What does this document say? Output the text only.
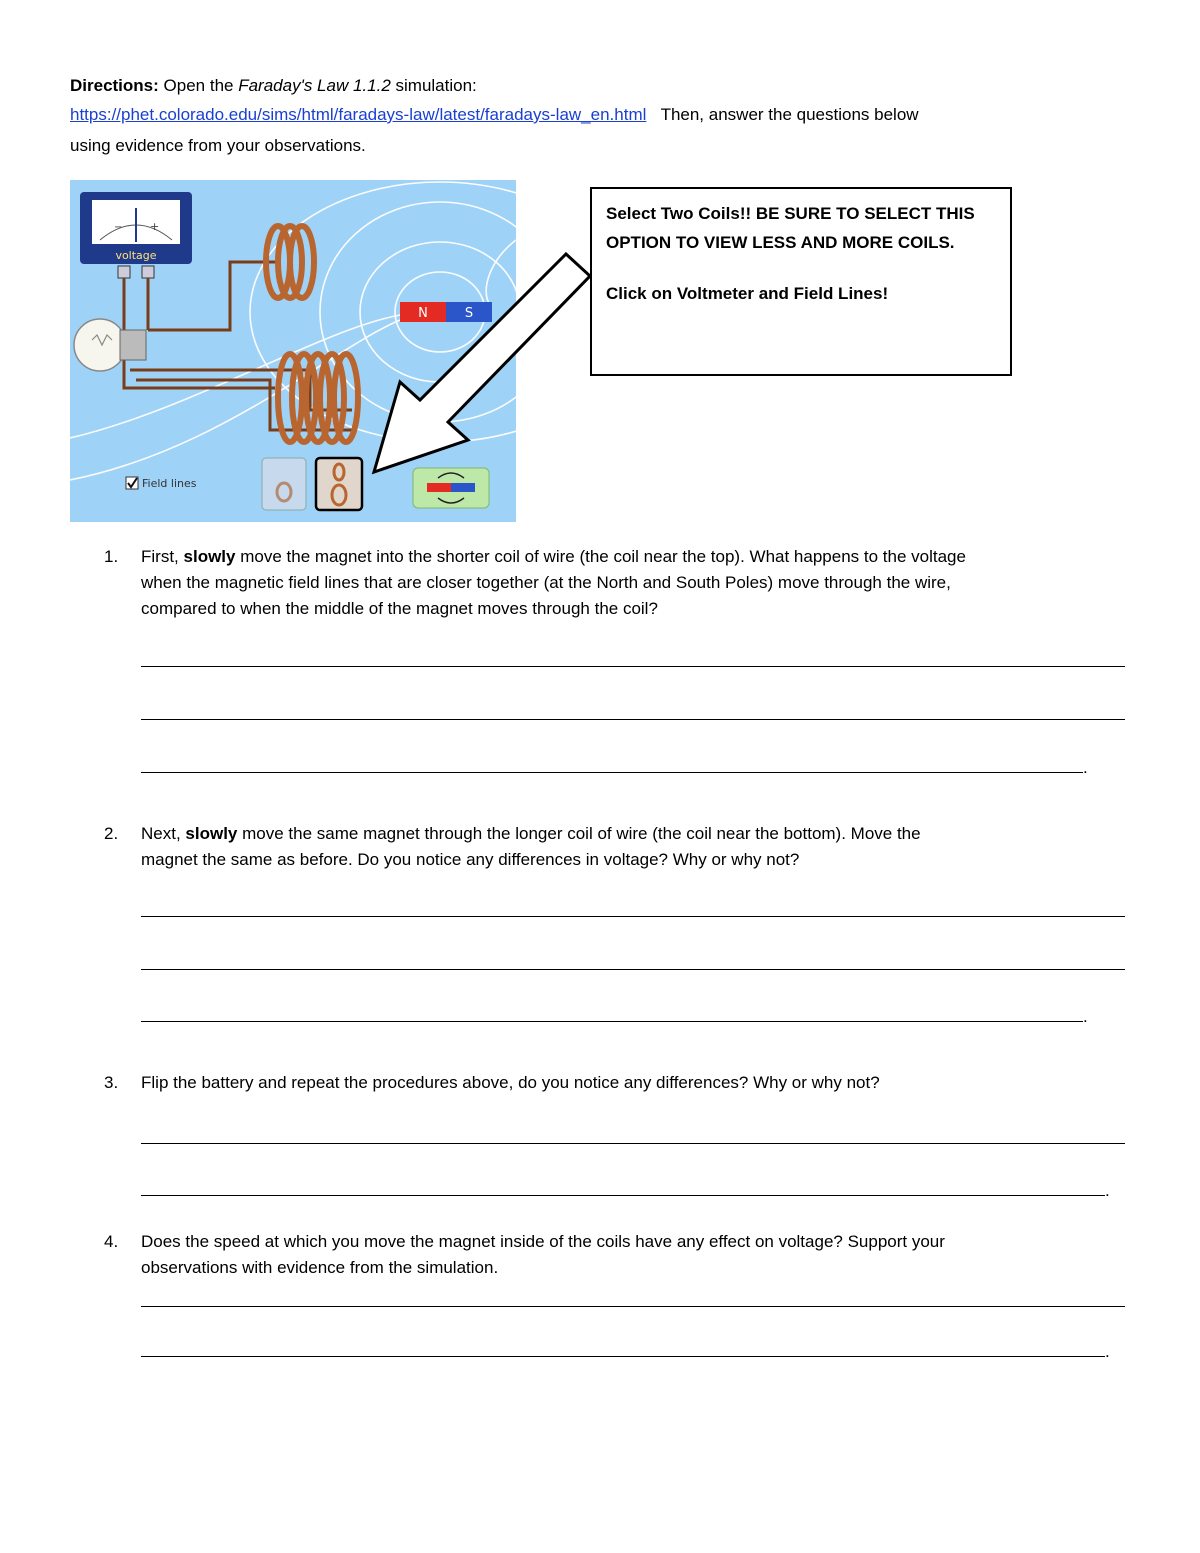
Directions: Open the Faraday's Law 1.1.2 simulation:
https://phet.colorado.edu/sims/html/faradays-law/latest/faradays-law_en.html Then, answer the questions below
using evidence from your observations.
−	+
voltage
N	S
Field lines

Select Two Coils!! BE SURE TO SELECT THIS

OPTION TO VIEW LESS AND MORE COILS.

Click on Voltmeter and Field Lines!

1. First, slowly move the magnet into the shorter coil of wire (the coil near the top). What happens to the voltage
when the magnetic field lines that are closer together (at the North and South Poles) move through the wire,
compared to when the middle of the magnet moves through the coil?
.
2. Next, slowly move the same magnet through the longer coil of wire (the coil near the bottom). Move the
magnet the same as before. Do you notice any differences in voltage? Why or why not?
.
3. Flip the battery and repeat the procedures above, do you notice any differences? Why or why not?
.
4. Does the speed at which you move the magnet inside of the coils have any effect on voltage? Support your
observations with evidence from the simulation.
.
